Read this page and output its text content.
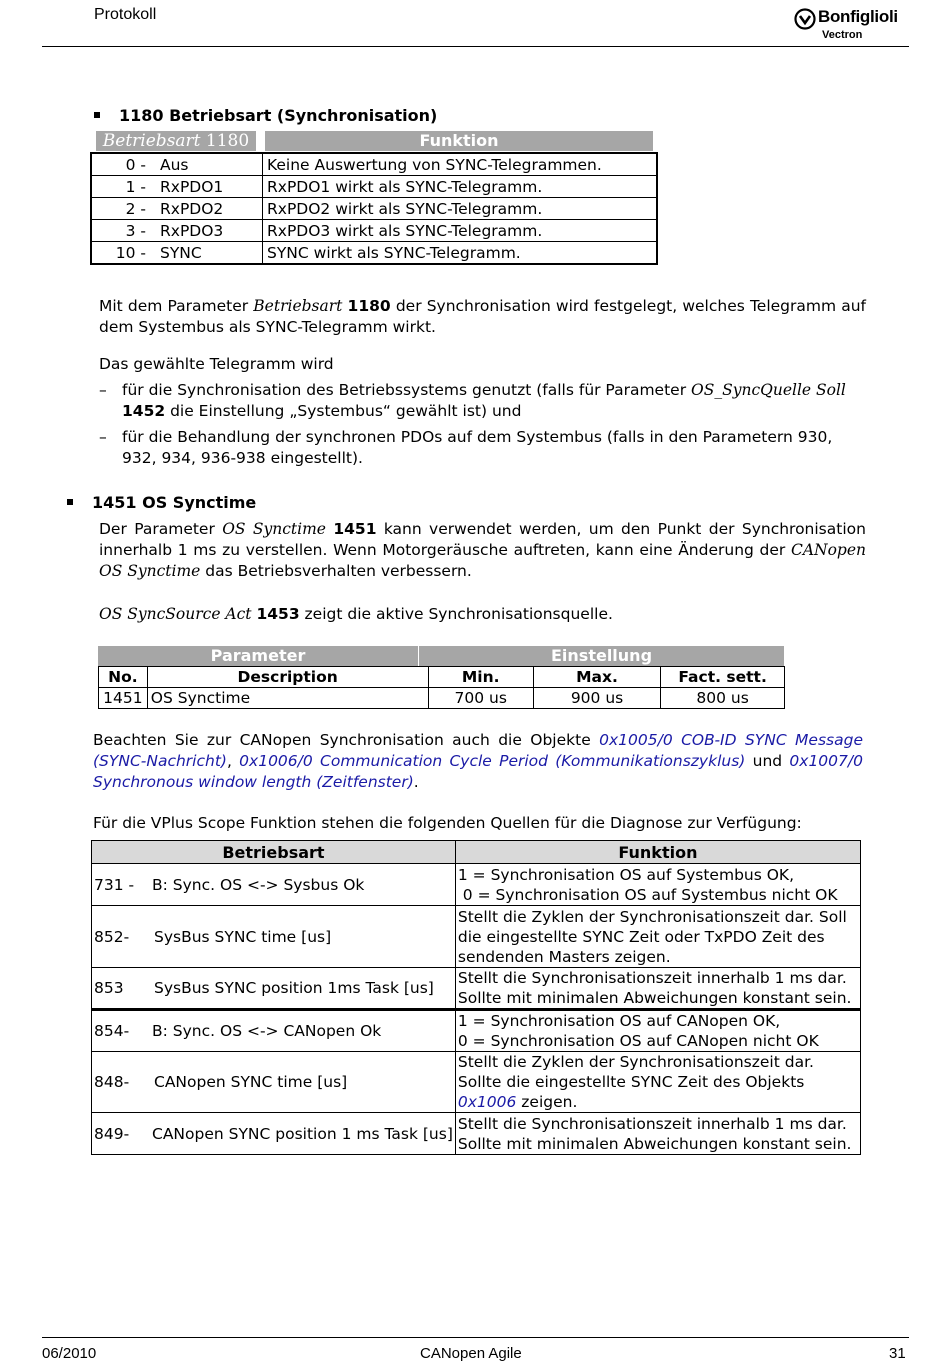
Protokoll	Bonfiglioli
Vectron
1180 Betriebsart (Synchronisation)
Betriebsart 1180	Funktion
0 - Aus	Keine Auswertung von SYNC-Telegrammen.
1 - RxPDO1	RxPDO1 wirkt als SYNC-Telegramm.
2 - RxPDO2	RxPDO2 wirkt als SYNC-Telegramm.
3 - RxPDO3	RxPDO3 wirkt als SYNC-Telegramm.
10 - SYNC	SYNC wirkt als SYNC-Telegramm.
Mit dem Parameter Betriebsart 1180 der Synchronisation wird festgelegt, welches Telegramm auf dem Systembus als SYNC-Telegramm wirkt.
Das gewählte Telegramm wird
– für die Synchronisation des Betriebssystems genutzt (falls für Parameter OS_SyncQuelle Soll 1452 die Einstellung „Systembus“ gewählt ist) und
– für die Behandlung der synchronen PDOs auf dem Systembus (falls in den Parametern 930, 932, 934, 936-938 eingestellt).
1451 OS Synctime
Der Parameter OS Synctime 1451 kann verwendet werden, um den Punkt der Synchronisation innerhalb 1 ms zu verstellen. Wenn Motorgeräusche auftreten, kann eine Änderung der CANopen OS Synctime das Betriebsverhalten verbessern.
OS SyncSource Act 1453 zeigt die aktive Synchronisationsquelle.
Parameter	Einstellung
No.	Description	Min.	Max.	Fact. sett.
1451	OS Synctime	700 us	900 us	800 us
Beachten Sie zur CANopen Synchronisation auch die Objekte 0x1005/0 COB-ID SYNC Message (SYNC-Nachricht), 0x1006/0 Communication Cycle Period (Kommunikationszyklus) und 0x1007/0 Synchronous window length (Zeitfenster).
Für die VPlus Scope Funktion stehen die folgenden Quellen für die Diagnose zur Verfügung:
Betriebsart	Funktion
731 - B: Sync. OS <-> Sysbus Ok	1 = Synchronisation OS auf Systembus OK,
0 = Synchronisation OS auf Systembus nicht OK
852- SysBus SYNC time [us]	Stellt die Zyklen der Synchronisationszeit dar. Soll die eingestellte SYNC Zeit oder TxPDO Zeit des sendenden Masters zeigen.
853 SysBus SYNC position 1ms Task [us]	Stellt die Synchronisationszeit innerhalb 1 ms dar.
Sollte mit minimalen Abweichungen konstant sein.
854- B: Sync. OS <-> CANopen Ok	1 = Synchronisation OS auf CANopen OK,
0 = Synchronisation OS auf CANopen nicht OK
848- CANopen SYNC time [us]	Stellt die Zyklen der Synchronisationszeit dar. Sollte die eingestellte SYNC Zeit des Objekts 0x1006 zeigen.
849- CANopen SYNC position 1 ms Task [us]	Stellt die Synchronisationszeit innerhalb 1 ms dar.
Sollte mit minimalen Abweichungen konstant sein.
06/2010	CANopen Agile	31
